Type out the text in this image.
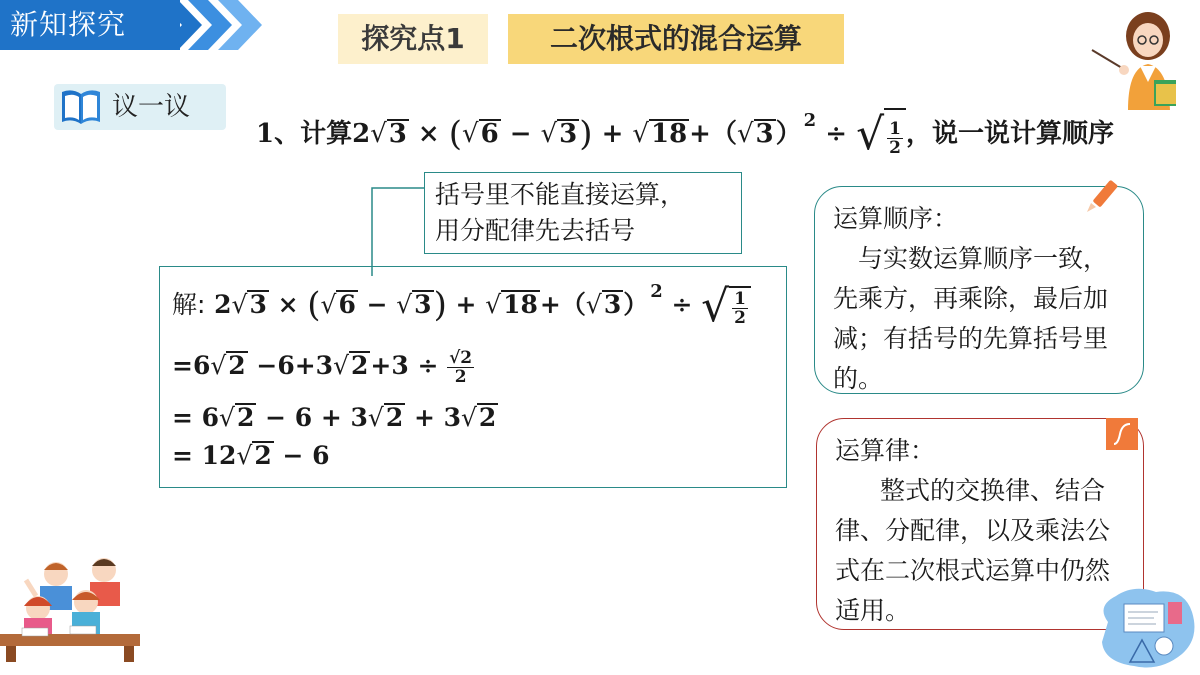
新知探究	探究点1	二次根式的混合运算
议一议
1、计算2√3 × (√6 − √3) + √18+（√3） $^2$ ÷ √ $\frac{1}{2}$ ，说一说计算顺序
括号里不能直接运算，
用分配律先去括号
解: 2√3 × (√6 − √3) + √18+（√3） $^2$ ÷ √ $\frac{1}{2}$
$=6√2 -6+3√2+3 \div \frac{√2}{2}$
= 6√2 − 6 + 3√2 + 3√2
= 12√2 − 6
运算顺序：
与实数运算顺序一致，先乘方，再乘除，最后加减；有括号的先算括号里的。
运算律：
整式的交换律、结合律、分配律，以及乘法公式在二次根式运算中仍然适用。
